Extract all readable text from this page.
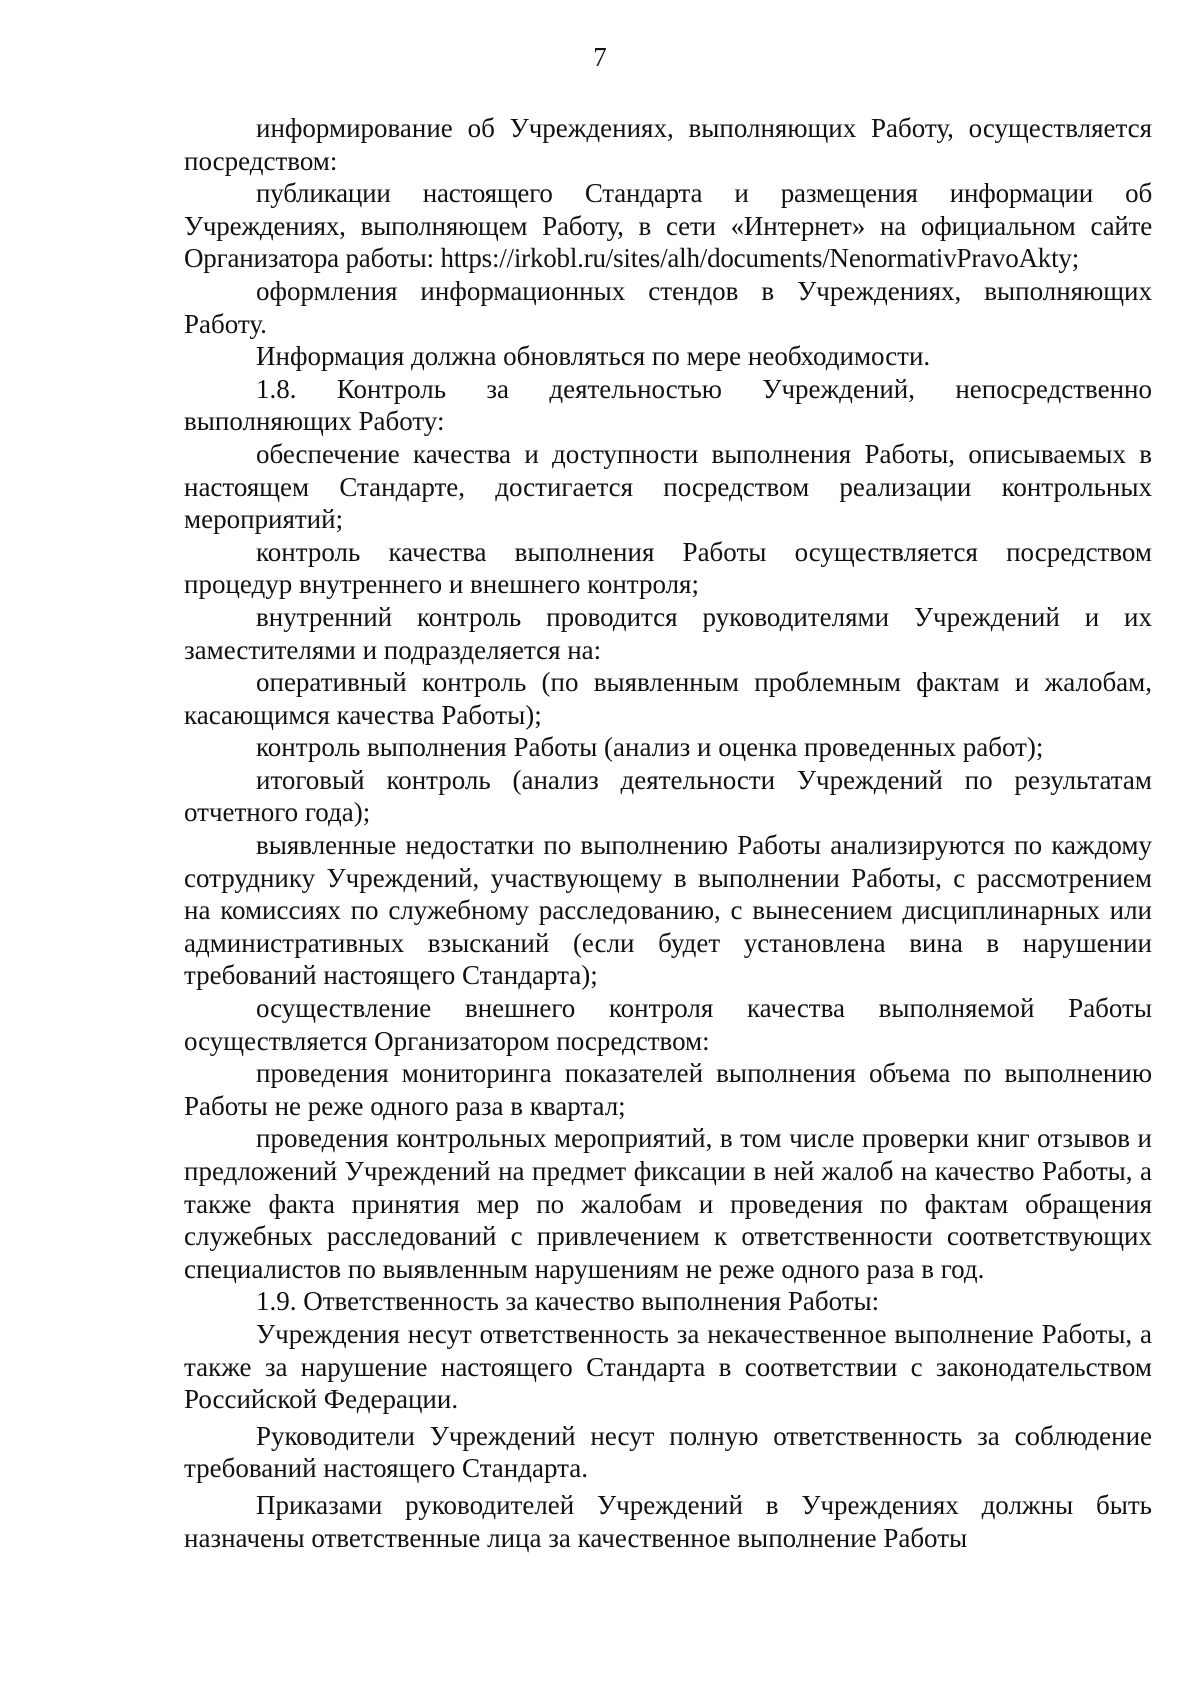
7

информирование об Учреждениях, выполняющих Работу, осуществляется посредством:

публикации настоящего Стандарта и размещения информации об Учреждениях, выполняющем Работу, в сети «Интернет» на официальном сайте Организатора работы: https://irkobl.ru/sites/alh/documents/NenormativPravoAkty;

оформления информационных стендов в Учреждениях, выполняющих Работу.

Информация должна обновляться по мере необходимости.

1.8. Контроль за деятельностью Учреждений, непосредственно выполняющих Работу:

обеспечение качества и доступности выполнения Работы, описываемых в настоящем Стандарте, достигается посредством реализации контрольных мероприятий;

контроль качества выполнения Работы осуществляется посредством процедур внутреннего и внешнего контроля;

внутренний контроль проводится руководителями Учреждений и их заместителями и подразделяется на:

оперативный контроль (по выявленным проблемным фактам и жалобам, касающимся качества Работы);

контроль выполнения Работы (анализ и оценка проведенных работ);

итоговый контроль (анализ деятельности Учреждений по результатам отчетного года);

выявленные недостатки по выполнению Работы анализируются по каждому сотруднику Учреждений, участвующему в выполнении Работы, с рассмотрением на комиссиях по служебному расследованию, с вынесением дисциплинарных или административных взысканий (если будет установлена вина в нарушении требований настоящего Стандарта);

осуществление внешнего контроля качества выполняемой Работы осуществляется Организатором посредством:

проведения мониторинга показателей выполнения объема по выполнению Работы не реже одного раза в квартал;

проведения контрольных мероприятий, в том числе проверки книг отзывов и предложений Учреждений на предмет фиксации в ней жалоб на качество Работы, а также факта принятия мер по жалобам и проведения по фактам обращения служебных расследований с привлечением к ответственности соответствующих специалистов по выявленным нарушениям не реже одного раза в год.

1.9. Ответственность за качество выполнения Работы:

Учреждения несут ответственность за некачественное выполнение Работы, а также за нарушение настоящего Стандарта в соответствии с законодательством Российской Федерации.

Руководители Учреждений несут полную ответственность за соблюдение требований настоящего Стандарта.

Приказами руководителей Учреждений в Учреждениях должны быть назначены ответственные лица за качественное выполнение Работы
